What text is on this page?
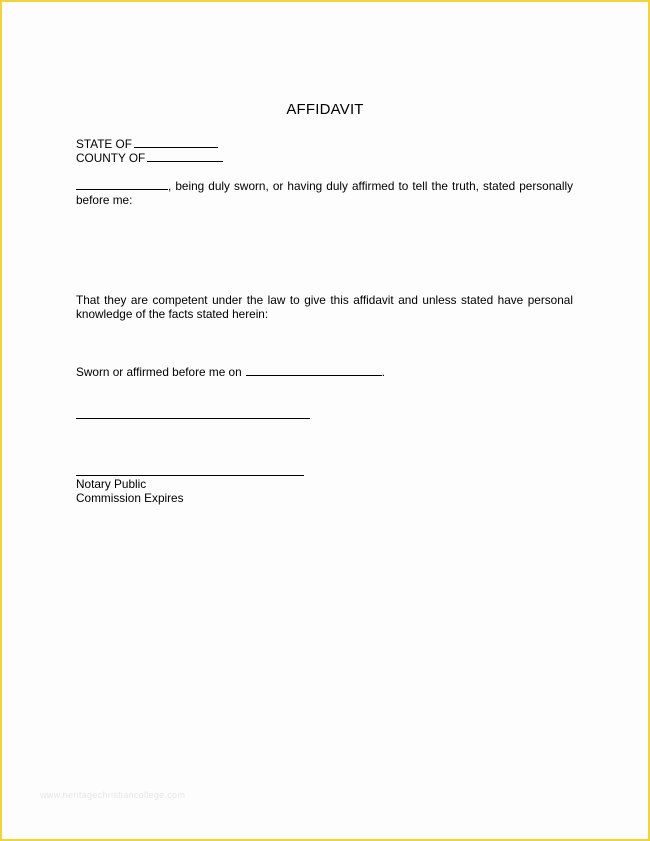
AFFIDAVIT
STATE OF
COUNTY OF
, being duly sworn, or having duly affirmed to tell the truth, stated personally before me:
That they are competent under the law to give this affidavit and unless stated have personal knowledge of the facts stated herein:
Sworn or affirmed before me on	.
Notary Public
Commission Expires
www.heritagechristiancollege.com
